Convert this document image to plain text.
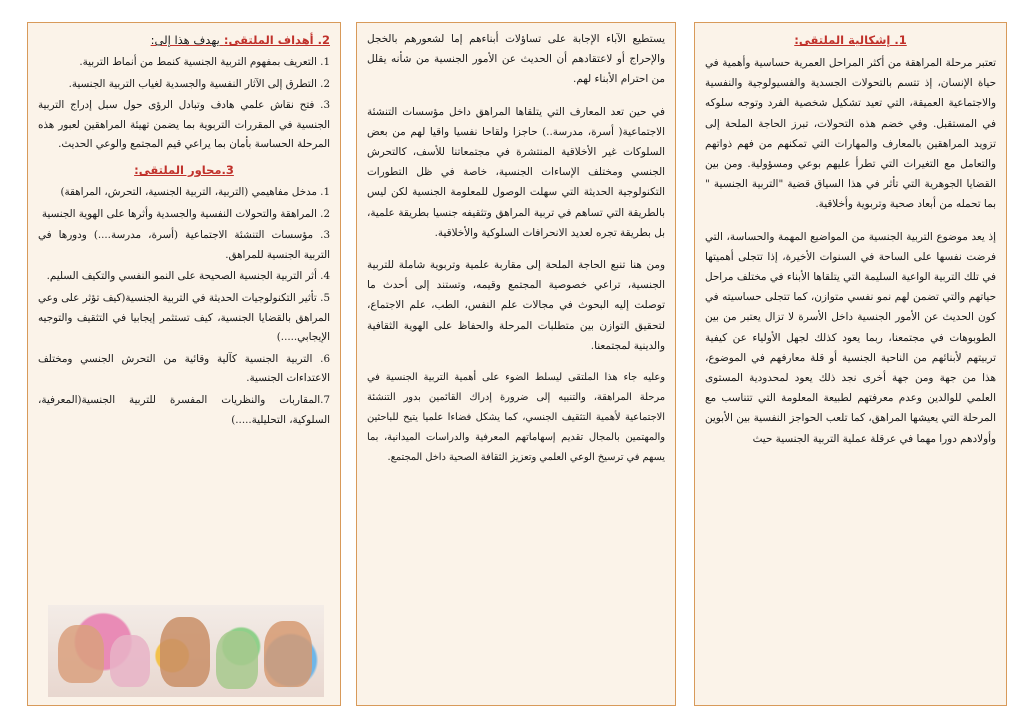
1. إشكالية الملتقى:

تعتبر مرحلة المراهقة من أكثر المراحل العمرية حساسية وأهمية في حياة الإنسان، إذ تتسم بالتحولات الجسدية والفسيولوجية والنفسية والاجتماعية العميقة، التي تعيد تشكيل شخصية الفرد وتوجه سلوكه في المستقبل. وفي خضم هذه التحولات، تبرز الحاجة الملحة إلى تزويد المراهقين بالمعارف والمهارات التي تمكنهم من فهم ذواتهم والتعامل مع التغيرات التي تطرأ عليهم بوعي ومسؤولية. ومن بين القضايا الجوهرية التي تأثر في هذا السياق قضية "التربية الجنسية " بما تحمله من أبعاد صحية وتربوية وأخلاقية.

إذ يعد موضوع التربية الجنسية من المواضيع المهمة والحساسة، التي فرضت نفسها على الساحة في السنوات الأخيرة، إذا تتجلى أهميتها في تلك التربية الواعية السليمة التي يتلقاها الأبناء في مختلف مراحل حياتهم والتي تضمن لهم نمو نفسي متوازن، كما تتجلى حساسيته في كون الحديث عن الأمور الجنسية داخل الأسرة لا تزال يعتبر من بين الطوبوهات في مجتمعنا، ربما يعود كذلك لجهل الأولياء عن كيفية تربيتهم لأبنائهم من الناحية الجنسية أو قلة معارفهم في الموضوع، هذا من جهة ومن جهة أخرى نجد ذلك يعود لمحدودية المستوى العلمي للوالدين وعدم معرفتهم لطبيعة المعلومة التي تتناسب مع المرحلة التي يعيشها المراهق، كما تلعب الحواجز النفسية بين الأبوين وأولادهم دورا مهما في عرقلة عملية التربية الجنسية حيث

يستطيع الآباء الإجابة على تساؤلات أبناءهم إما لشعورهم بالخجل والإحراج أو لاعتقادهم أن الحديث عن الأمور الجنسية من شأنه يقلل من احترام الأبناء لهم.

في حين تعد المعارف التي يتلقاها المراهق داخل مؤسسات التنشئة الاجتماعية( أسرة، مدرسة..) حاجزا ولقاحا نفسيا واقيا لهم من بعض السلوكات غير الأخلاقية المنتشرة في مجتمعاتنا للأسف، كالتحرش الجنسي ومختلف الإساءات الجنسية، خاصة في ظل التطورات التكنولوجية الحديثة التي سهلت الوصول للمعلومة الجنسية لكن ليس بالطريقة التي تساهم في تربية المراهق وتثقيفه جنسيا بطريقة علمية، بل بطريقة تجره لعديد الانحرافات السلوكية والأخلاقية.

ومن هنا تنبع الحاجة الملحة إلى مقاربة علمية وتربوية شاملة للتربية الجنسية، تراعي خصوصية المجتمع وقيمه، وتستند إلى أحدث ما توصلت إليه البحوث في مجالات علم النفس، الطب، علم الاجتماع، لتحقيق التوازن بين متطلبات المرحلة والحفاظ على الهوية الثقافية والدينية لمجتمعنا.

وعليه جاء هذا الملتقى ليسلط الضوء على أهمية التربية الجنسية في مرحلة المراهقة، والتنبيه إلى ضرورة إدراك القائمين بدور التنشئة الاجتماعية لأهمية التثقيف الجنسي، كما يشكل فضاءا علميا يتيح للباحثين والمهتمين بالمجال تقديم إسهاماتهم المعرفية والدراسات الميدانية، بما يسهم في ترسيخ الوعي العلمي وتعزيز الثقافة الصحية داخل المجتمع.

2. أهداف الملتقى: يهدف هذا إلى:
1. التعريف بمفهوم التربية الجنسية كنمط من أنماط التربية.
2. التطرق إلى الآثار النفسية والجسدية لغياب التربية الجنسية.
3. فتح نقاش علمي هادف وتبادل الرؤى حول سبل إدراج التربية الجنسية في المقررات التربوية بما يضمن تهيئة المراهقين لعبور هذه المرحلة الحساسة بأمان بما يراعي قيم المجتمع والوعي الحديث.
3.محاور الملتقى:
1. مدخل مفاهيمي (التربية، التربية الجنسية، التحرش، المراهقة)
2. المراهقة والتحولات النفسية والجسدية وأثرها على الهوية الجنسية
3. مؤسسات التنشئة الاجتماعية (أسرة، مدرسة....) ودورها في التربية الجنسية للمراهق.
4. أثر التربية الجنسية الصحيحة على النمو النفسي والتكيف السليم.
5. تأثير التكنولوجيات الحديثة في التربية الجنسية(كيف تؤثر على وعي المراهق بالقضايا الجنسية، كيف تستثمر إيجابيا في التثقيف والتوجيه الإيجابي.....)
6. التربية الجنسية كآلية وقائية من التحرش الجنسي ومختلف الاعتداءات الجنسية.
7.المقاربات والنظريات المفسرة للتربية الجنسية(المعرفية، السلوكية، التحليلية.....)
